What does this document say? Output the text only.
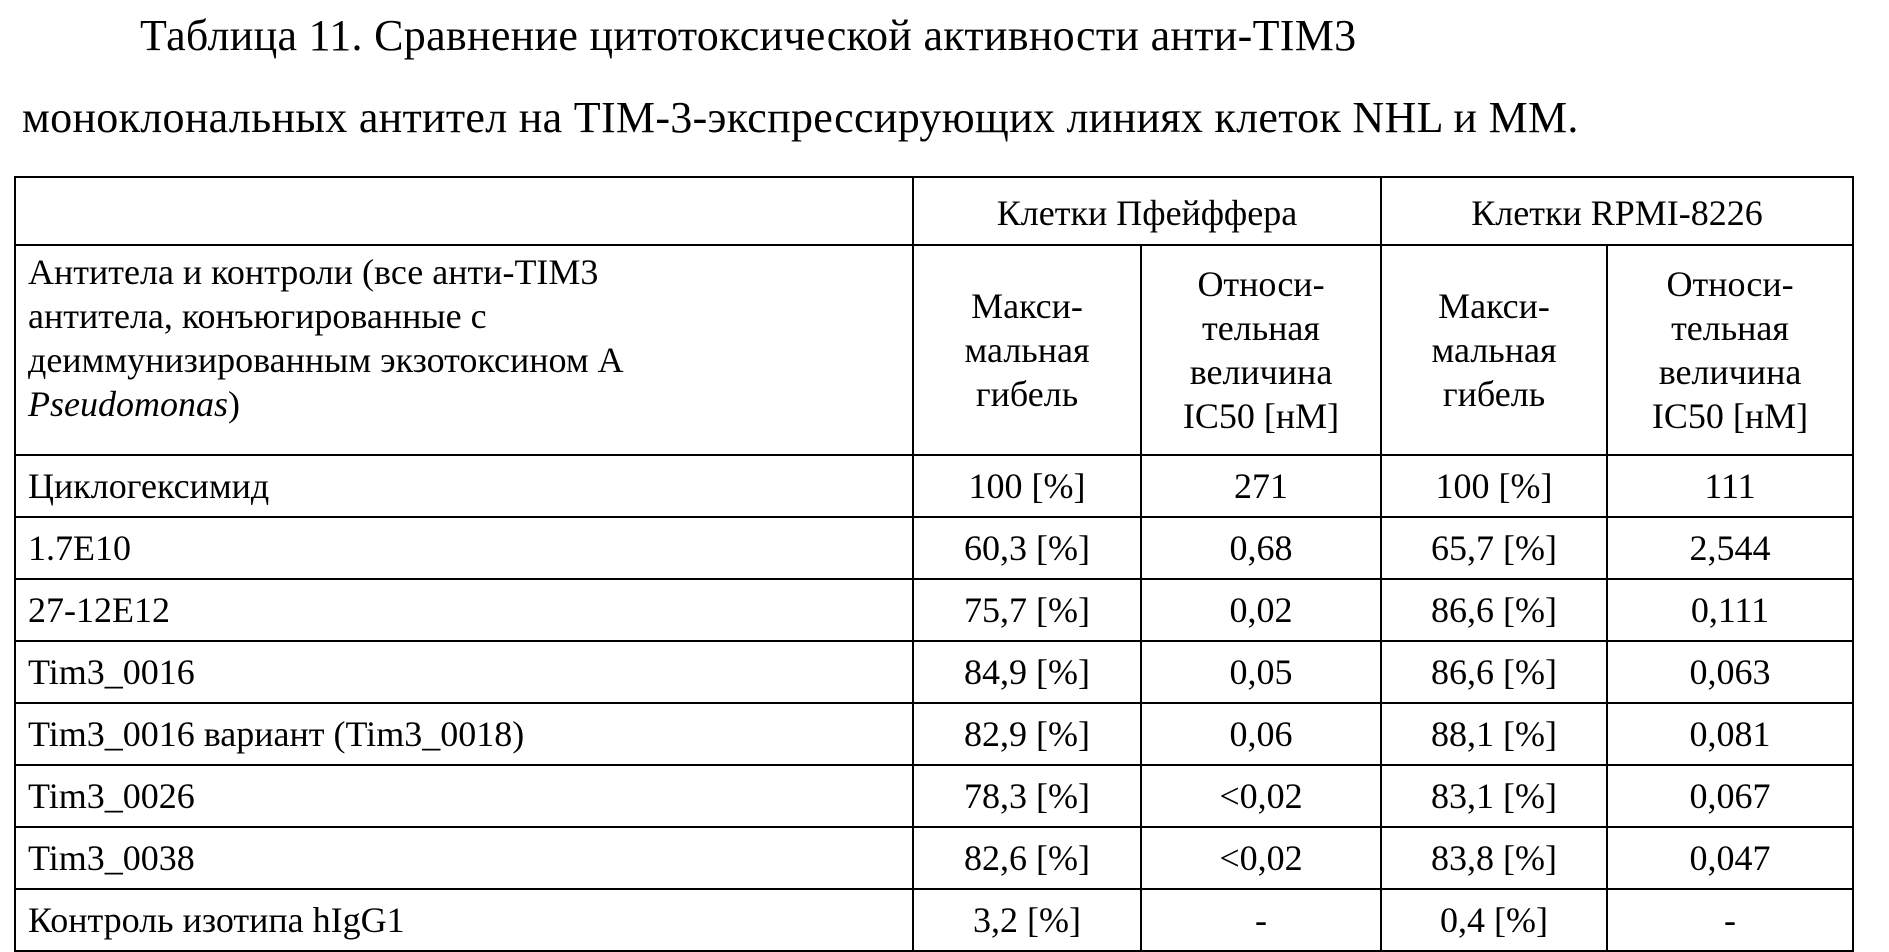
Таблица 11. Сравнение цитотоксической активности анти-TIM3
моноклональных антител на TIM-3-экспрессирующих линиях клеток NHL и MM.
	Клетки Пфейффера		Клетки RPMI-8226	

Антитела и контроли (все анти-TIM3
антитела, конъюгированные с
деиммунизированным экзотоксином А
Pseudomonas)	Макси-
мальная
гибель	Относи-
тельная
величина
IC50 [нМ]	Макси-
мальная
гибель	Относи-
тельная
величина
IC50 [нМ]

Циклогексимид	100 [%]	271	100 [%]	111
1.7E10	60,3 [%]	0,68	65,7 [%]	2,544
27-12E12	75,7 [%]	0,02	86,6 [%]	0,111
Tim3_0016	84,9 [%]	0,05	86,6 [%]	0,063
Tim3_0016 вариант (Tim3_0018)	82,9 [%]	0,06	88,1 [%]	0,081
Tim3_0026	78,3 [%]	<0,02	83,1 [%]	0,067
Tim3_0038	82,6 [%]	<0,02	83,8 [%]	0,047
Контроль изотипа hIgG1	3,2 [%]	-	0,4 [%]	-
